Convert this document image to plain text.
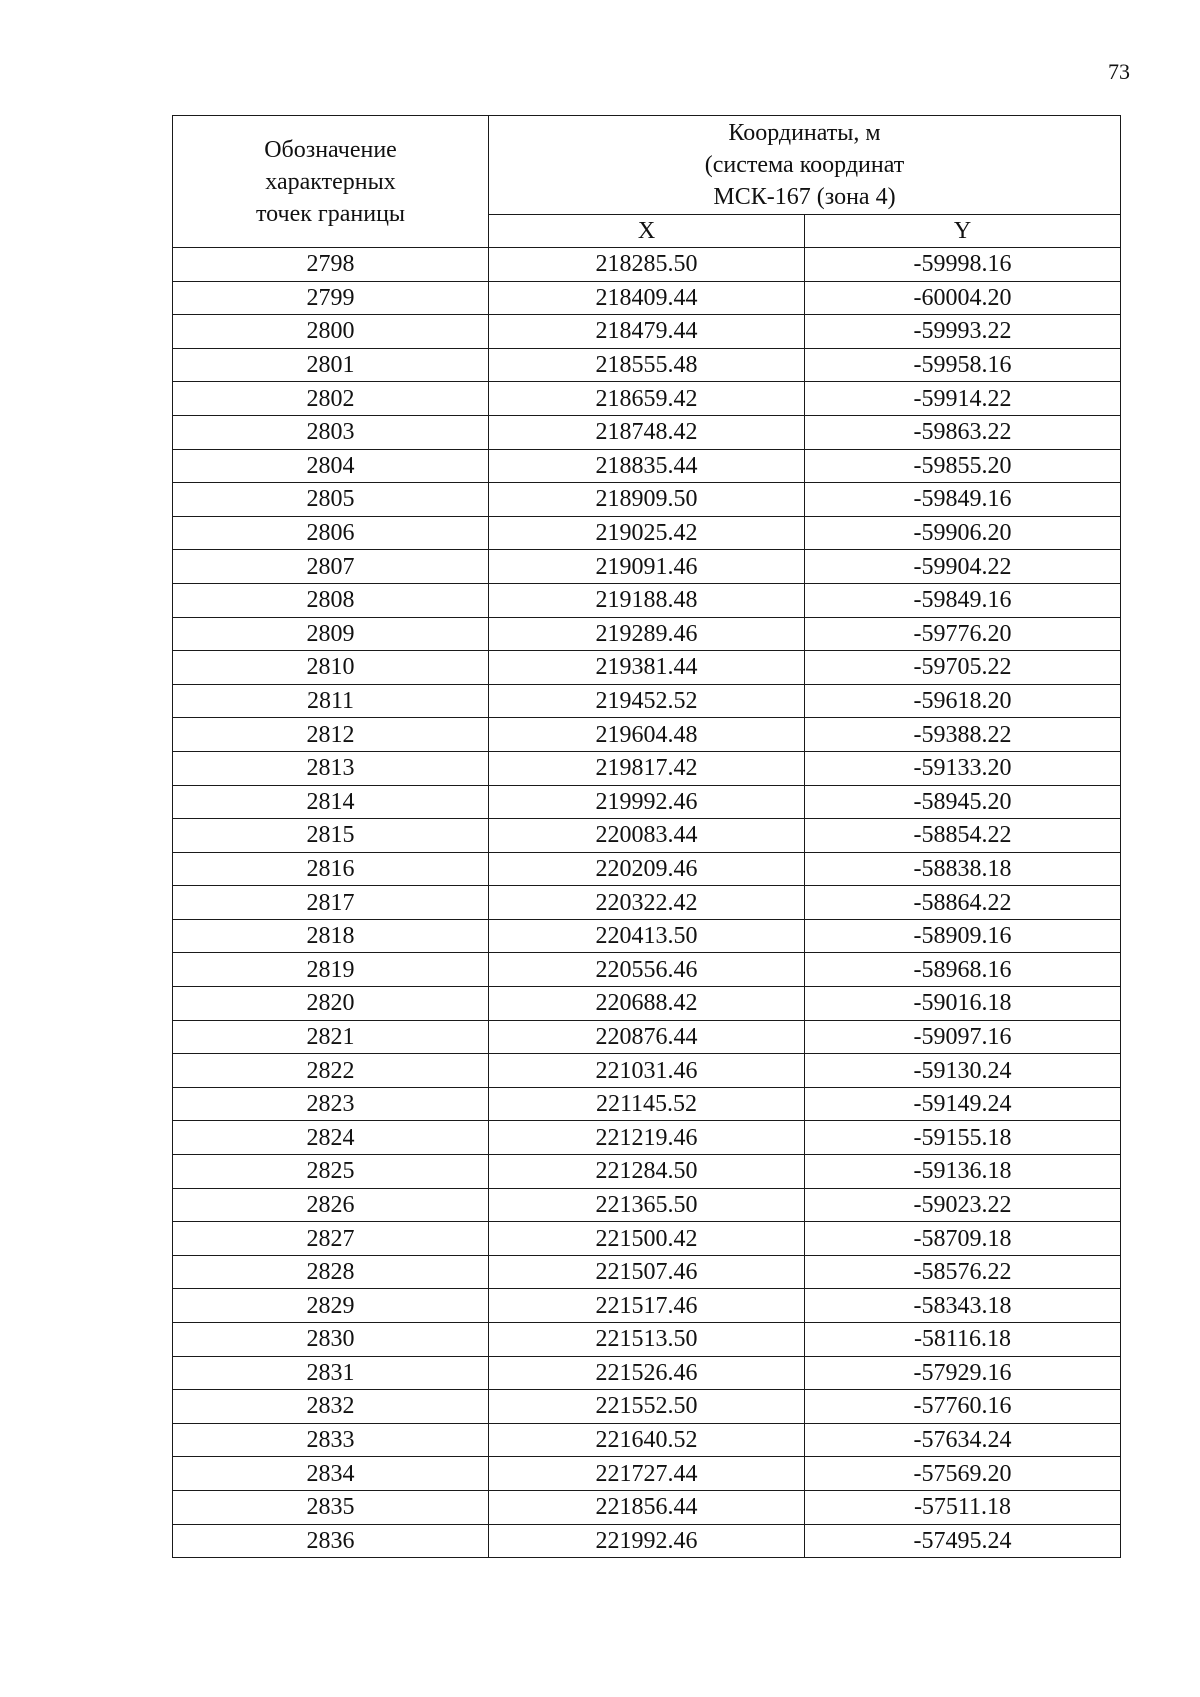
73
Обозначение
характерных
точек границы	Координаты, м
(система координат
МСК-167 (зона 4)	

	X	Y
2798	218285.50	-59998.16
2799	218409.44	-60004.20
2800	218479.44	-59993.22
2801	218555.48	-59958.16
2802	218659.42	-59914.22
2803	218748.42	-59863.22
2804	218835.44	-59855.20
2805	218909.50	-59849.16
2806	219025.42	-59906.20
2807	219091.46	-59904.22
2808	219188.48	-59849.16
2809	219289.46	-59776.20
2810	219381.44	-59705.22
2811	219452.52	-59618.20
2812	219604.48	-59388.22
2813	219817.42	-59133.20
2814	219992.46	-58945.20
2815	220083.44	-58854.22
2816	220209.46	-58838.18
2817	220322.42	-58864.22
2818	220413.50	-58909.16
2819	220556.46	-58968.16
2820	220688.42	-59016.18
2821	220876.44	-59097.16
2822	221031.46	-59130.24
2823	221145.52	-59149.24
2824	221219.46	-59155.18
2825	221284.50	-59136.18
2826	221365.50	-59023.22
2827	221500.42	-58709.18
2828	221507.46	-58576.22
2829	221517.46	-58343.18
2830	221513.50	-58116.18
2831	221526.46	-57929.16
2832	221552.50	-57760.16
2833	221640.52	-57634.24
2834	221727.44	-57569.20
2835	221856.44	-57511.18
2836	221992.46	-57495.24
